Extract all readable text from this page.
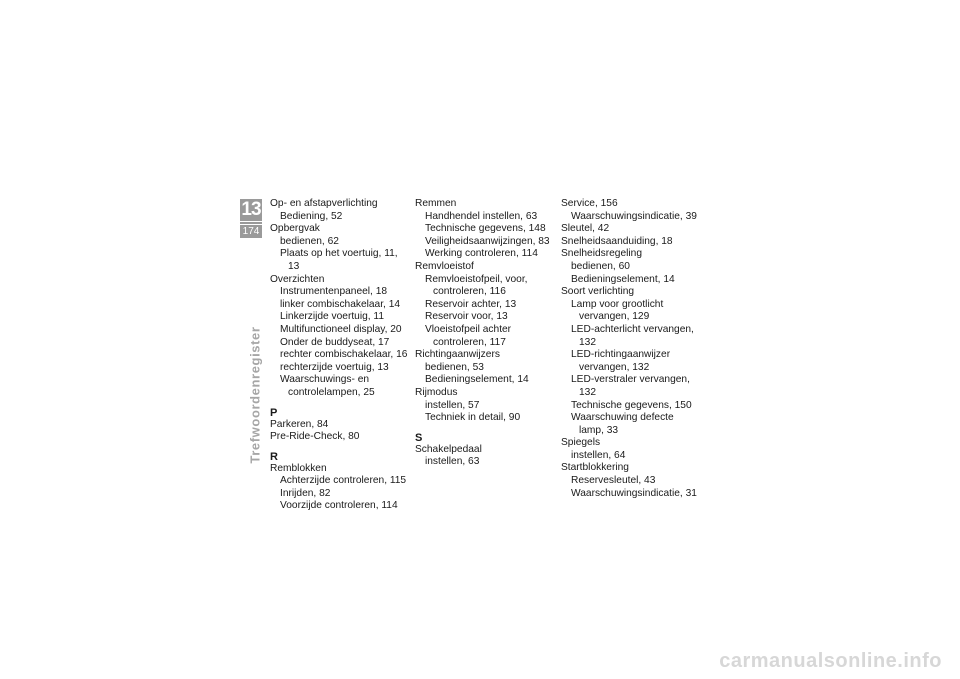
13
174
Trefwoordenregister
Op- en afstapverlichting
Bediening, 52
Opbergvak
bedienen, 62
Plaats op het voertuig, 11, 13
Overzichten
Instrumentenpaneel, 18
linker combischakelaar, 14
Linkerzijde voertuig, 11
Multifunctioneel display, 20
Onder de buddyseat, 17
rechter combischakelaar, 16
rechterzijde voertuig, 13
Waarschuwings- en controlelampen, 25
P
Parkeren, 84
Pre-Ride-Check, 80
R
Remblokken
Achterzijde controleren, 115
Inrijden, 82
Voorzijde controleren, 114
Remmen
Handhendel instellen, 63
Technische gegevens, 148
Veiligheidsaanwijzingen, 83
Werking controleren, 114
Remvloeistof
Remvloeistofpeil, voor, controleren, 116
Reservoir achter, 13
Reservoir voor, 13
Vloeistofpeil achter controleren, 117
Richtingaanwijzers
bedienen, 53
Bedieningselement, 14
Rijmodus
instellen, 57
Techniek in detail, 90
S
Schakelpedaal
instellen, 63
Service, 156
Waarschuwingsindicatie, 39
Sleutel, 42
Snelheidsaanduiding, 18
Snelheidsregeling
bedienen, 60
Bedieningselement, 14
Soort verlichting
Lamp voor grootlicht vervangen, 129
LED-achterlicht vervangen, 132
LED-richtingaanwijzer vervangen, 132
LED-verstraler vervangen, 132
Technische gegevens, 150
Waarschuwing defecte lamp, 33
Spiegels
instellen, 64
Startblokkering
Reservesleutel, 43
Waarschuwingsindicatie, 31
carmanualsonline.info
